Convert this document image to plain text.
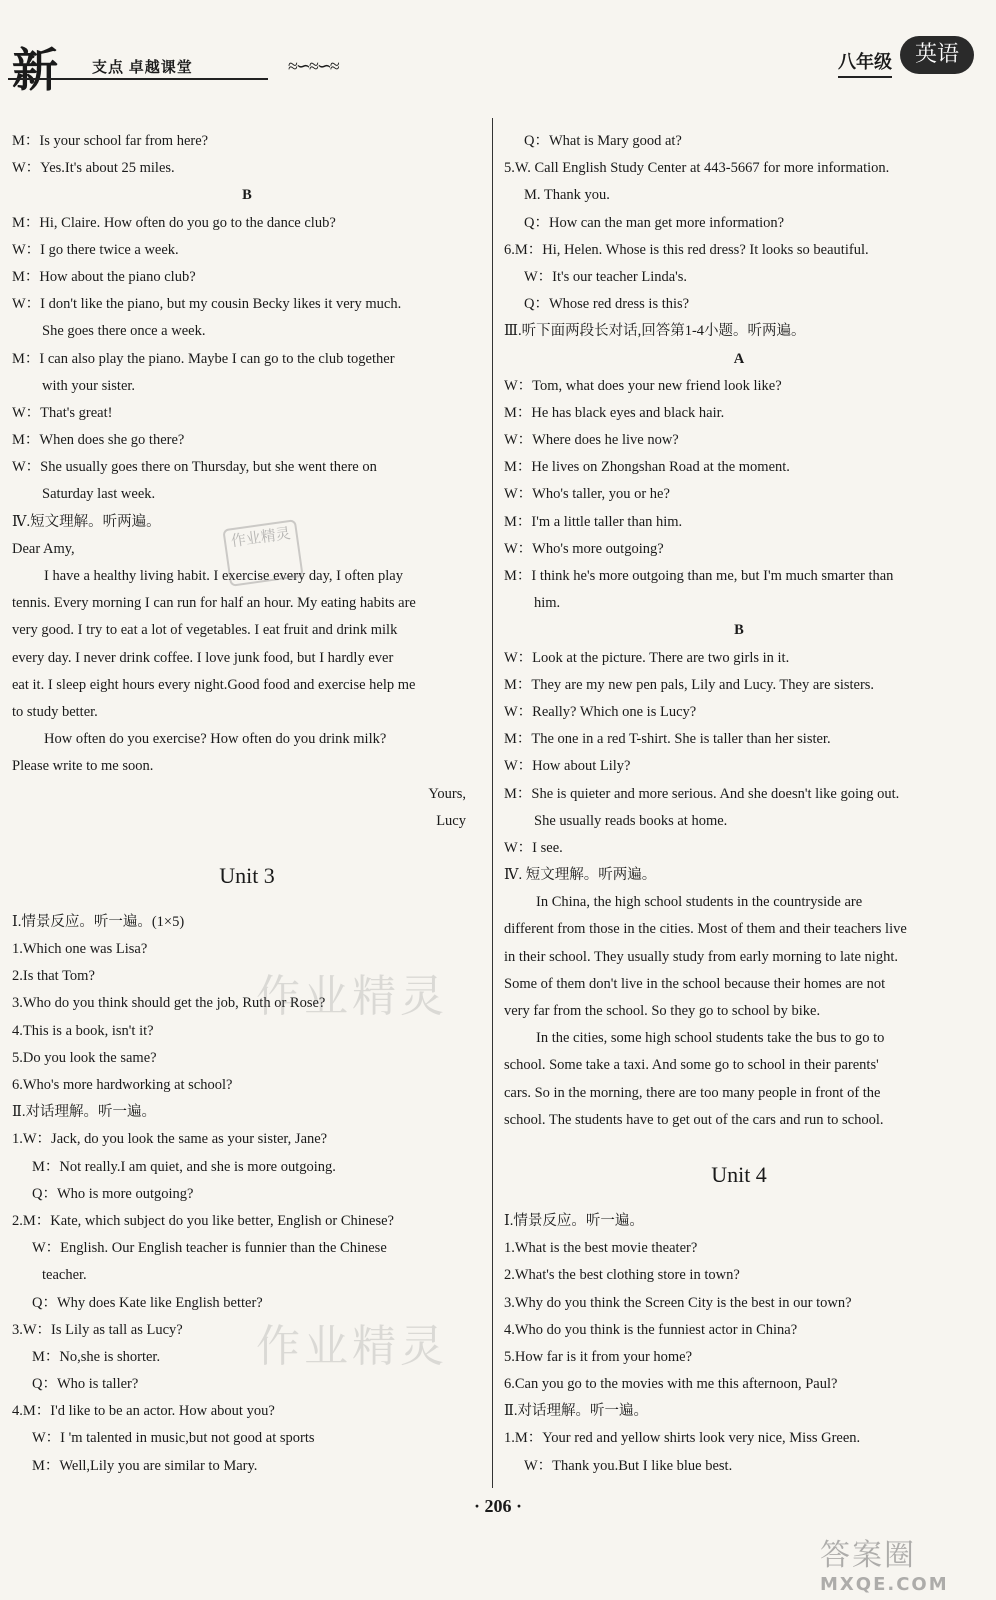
新 支点 卓越课堂	≈∽≈∽≈	八年级	英语
M：Is your school far from here?
W：Yes.It's about 25 miles.
B
M：Hi, Claire. How often do you go to the dance club?
W：I go there twice a week.
M：How about the piano club?
W：I don't like the piano, but my cousin Becky likes it very much.
She goes there once a week.
M：I can also play the piano. Maybe I can go to the club together
with your sister.
W：That's great!
M：When does she go there?
W：She usually goes there on Thursday, but she went there on
Saturday last week.
Ⅳ.短文理解。听两遍。
Dear Amy,
I have a healthy living habit. I exercise every day, I often play
tennis. Every morning I can run for half an hour. My eating habits are
very good. I try to eat a lot of vegetables. I eat fruit and drink milk
every day. I never drink coffee. I love junk food, but I hardly ever
eat it. I sleep eight hours every night.Good food and exercise help me
to study better.
How often do you exercise? How often do you drink milk?
Please write to me soon.
Yours,
Lucy
Unit 3
Ⅰ.情景反应。听一遍。(1×5)
1.Which one was Lisa?
2.Is that Tom?
3.Who do you think should get the job, Ruth or Rose?
4.This is a book, isn't it?
5.Do you look the same?
6.Who's more hardworking at school?
Ⅱ.对话理解。听一遍。
1.W：Jack, do you look the same as your sister, Jane?
M：Not really.I am quiet, and she is more outgoing.
Q：Who is more outgoing?
2.M：Kate, which subject do you like better, English or Chinese?
W：English. Our English teacher is funnier than the Chinese
teacher.
Q：Why does Kate like English better?
3.W：Is Lily as tall as Lucy?
M：No,she is shorter.
Q：Who is taller?
4.M：I'd like to be an actor. How about you?
W：I 'm talented in music,but not good at sports
M：Well,Lily you are similar to Mary.
Q：What is Mary good at?
5.W. Call English Study Center at 443-5667 for more information.
M. Thank you.
Q：How can the man get more information?
6.M：Hi, Helen. Whose is this red dress? It looks so beautiful.
W：It's our teacher Linda's.
Q：Whose red dress is this?
Ⅲ.听下面两段长对话,回答第1-4小题。听两遍。
A
W：Tom, what does your new friend look like?
M：He has black eyes and black hair.
W：Where does he live now?
M：He lives on Zhongshan Road at the moment.
W：Who's taller, you or he?
M：I'm a little taller than him.
W：Who's more outgoing?
M：I think he's more outgoing than me, but I'm much smarter than
him.
B
W：Look at the picture. There are two girls in it.
M：They are my new pen pals, Lily and Lucy. They are sisters.
W：Really? Which one is Lucy?
M：The one in a red T-shirt. She is taller than her sister.
W：How about Lily?
M：She is quieter and more serious. And she doesn't like going out.
She usually reads books at home.
W：I see.
Ⅳ. 短文理解。听两遍。
In China, the high school students in the countryside are
different from those in the cities. Most of them and their teachers live
in their school. They usually study from early morning to late night.
Some of them don't live in the school because their homes are not
very far from the school. So they go to school by bike.
In the cities, some high school students take the bus to go to
school. Some take a taxi. And some go to school in their parents'
cars. So in the morning, there are too many people in front of the
school. The students have to get out of the cars and run to school.
Unit 4
Ⅰ.情景反应。听一遍。
1.What is the best movie theater?
2.What's the best clothing store in town?
3.Why do you think the Screen City is the best in our town?
4.Who do you think is the funniest actor in China?
5.How far is it from your home?
6.Can you go to the movies with me this afternoon, Paul?
Ⅱ.对话理解。听一遍。
1.M：Your red and yellow shirts look very nice, Miss Green.
W：Thank you.But I like blue best.
作业精灵
作业精灵
作业精灵
· 206 ·
答案圈
MXQE.COM
